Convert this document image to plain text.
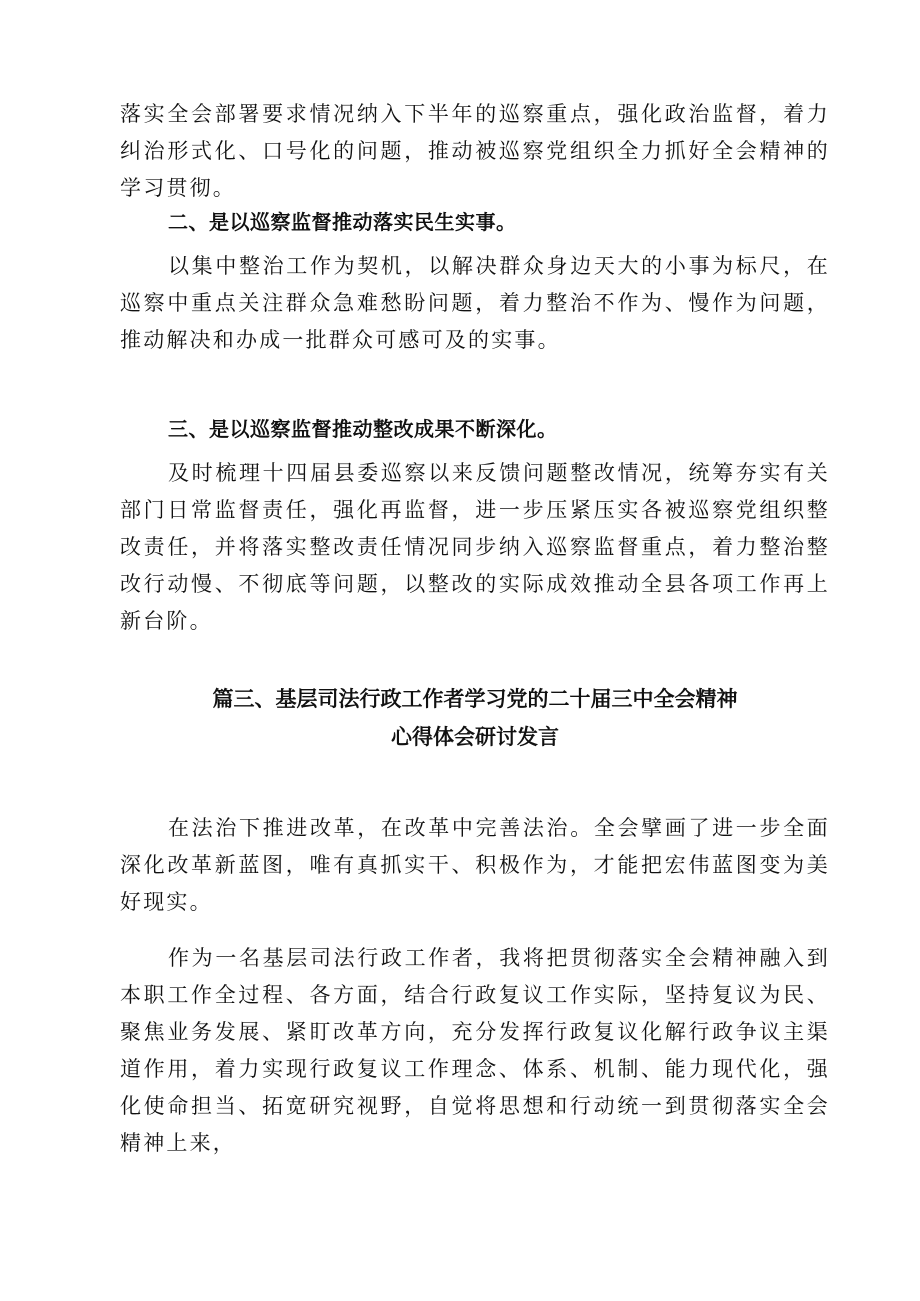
落实全会部署要求情况纳入下半年的巡察重点，强化政治监督，着力纠治形式化、口号化的问题，推动被巡察党组织全力抓好全会精神的学习贯彻。

二、是以巡察监督推动落实民生实事。

以集中整治工作为契机，以解决群众身边天大的小事为标尺，在巡察中重点关注群众急难愁盼问题，着力整治不作为、慢作为问题，推动解决和办成一批群众可感可及的实事。

三、是以巡察监督推动整改成果不断深化。

及时梳理十四届县委巡察以来反馈问题整改情况，统筹夯实有关部门日常监督责任，强化再监督，进一步压紧压实各被巡察党组织整改责任，并将落实整改责任情况同步纳入巡察监督重点，着力整治整改行动慢、不彻底等问题，以整改的实际成效推动全县各项工作再上新台阶。

篇三、基层司法行政工作者学习党的二十届三中全会精神
心得体会研讨发言

在法治下推进改革，在改革中完善法治。全会擘画了进一步全面深化改革新蓝图，唯有真抓实干、积极作为，才能把宏伟蓝图变为美好现实。

作为一名基层司法行政工作者，我将把贯彻落实全会精神融入到本职工作全过程、各方面，结合行政复议工作实际，坚持复议为民、聚焦业务发展、紧盯改革方向，充分发挥行政复议化解行政争议主渠道作用，着力实现行政复议工作理念、体系、机制、能力现代化，强化使命担当、拓宽研究视野，自觉将思想和行动统一到贯彻落实全会精神上来，
